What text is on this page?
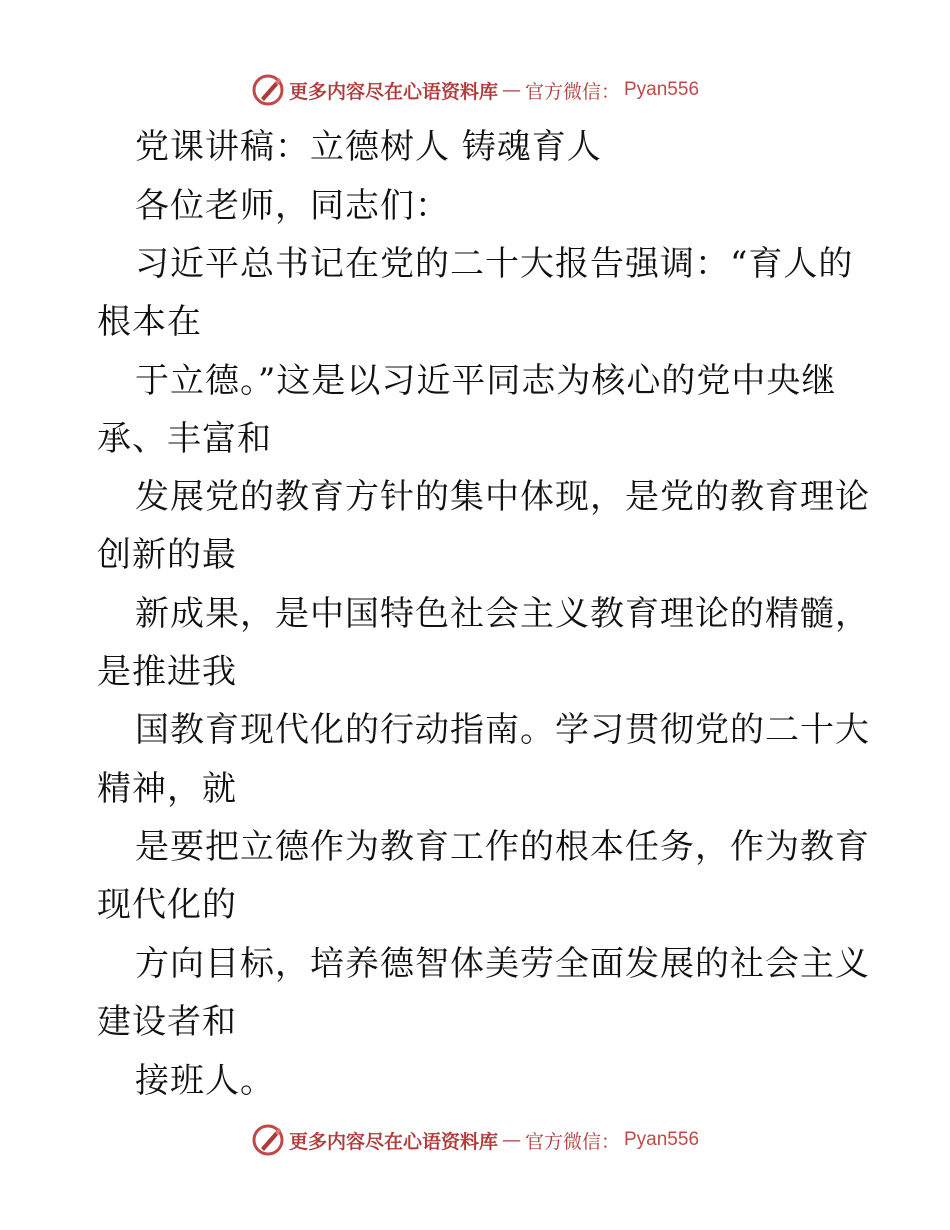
更多内容尽在心语资料库 — 官方微信： Pyan556
党课讲稿：立德树人 铸魂育人
各位老师，同志们：
习近平总书记在党的二十大报告强调：“育人的
根本在
于立德。”这是以习近平同志为核心的党中央继
承、丰富和
发展党的教育方针的集中体现，是党的教育理论
创新的最
新成果，是中国特色社会主义教育理论的精髓，
是推进我
国教育现代化的行动指南。学习贯彻党的二十大
精神，就
是要把立德作为教育工作的根本任务，作为教育
现代化的
方向目标，培养德智体美劳全面发展的社会主义
建设者和
接班人。
更多内容尽在心语资料库 — 官方微信： Pyan556
